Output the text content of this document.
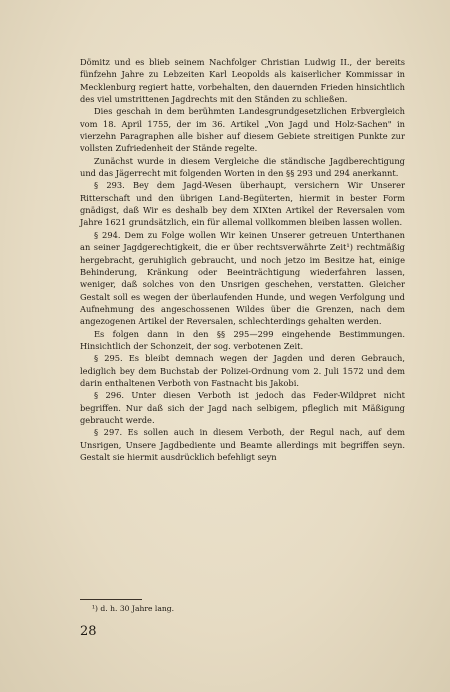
Dömitz und es blieb seinem Nachfolger Christian Ludwig II., der bereits fünfzehn Jahre zu Lebzeiten Karl Leopolds als kaiserlicher Kommissar in Mecklenburg regiert hatte, vorbehalten, den dauernden Frieden hinsichtlich des viel umstrittenen Jagdrechts mit den Ständen zu schließen.

Dies geschah in dem berühmten Landesgrundgesetzlichen Erbvergleich vom 18. April 1755, der im 36. Artikel „Von Jagd und Holz-Sachen" in vierzehn Paragraphen alle bisher auf diesem Gebiete streitigen Punkte zur vollsten Zufriedenheit der Stände regelte.

Zunächst wurde in diesem Vergleiche die ständische Jagdberechtigung und das Jägerrecht mit folgenden Worten in den §§ 293 und 294 anerkannt.

§ 293. Bey dem Jagd-Wesen überhaupt, versichern Wir Unserer Ritterschaft und den übrigen Land-Begüterten, hiermit in bester Form gnädigst, daß Wir es deshalb bey dem XIXten Artikel der Reversalen vom Jahre 1621 grundsätzlich, ein für allemal vollkommen bleiben lassen wollen.

§ 294. Dem zu Folge wollen Wir keinen Unserer getreuen Unterthanen an seiner Jagdgerechtigkeit, die er über rechtsverwährte Zeit¹) rechtmäßig hergebracht, geruhiglich gebraucht, und noch jetzo im Besitze hat, einige Behinderung, Kränkung oder Beeinträchtigung wiederfahren lassen, weniger, daß solches von den Unsrigen geschehen, verstatten. Gleicher Gestalt soll es wegen der überlaufenden Hunde, und wegen Verfolgung und Aufnehmung des angeschossenen Wildes über die Grenzen, nach dem angezogenen Artikel der Reversalen, schlechterdings gehalten werden.

Es folgen dann in den §§ 295—299 eingehende Bestimmungen. Hinsichtlich der Schonzeit, der sog. verbotenen Zeit.

§ 295. Es bleibt demnach wegen der Jagden und deren Gebrauch, lediglich bey dem Buchstab der Polizei-Ordnung vom 2. Juli 1572 und dem darin enthaltenen Verboth von Fastnacht bis Jakobi.

§ 296. Unter diesen Verboth ist jedoch das Feder-Wildpret nicht begriffen. Nur daß sich der Jagd nach selbigem, pfleglich mit Mäßigung gebraucht werde.

§ 297. Es sollen auch in diesem Verboth, der Regul nach, auf dem Unsrigen, Unsere Jagdbediente und Beamte allerdings mit begriffen seyn. Gestalt sie hiermit ausdrücklich befehligt seyn

¹) d. h. 30 Jahre lang.
28
